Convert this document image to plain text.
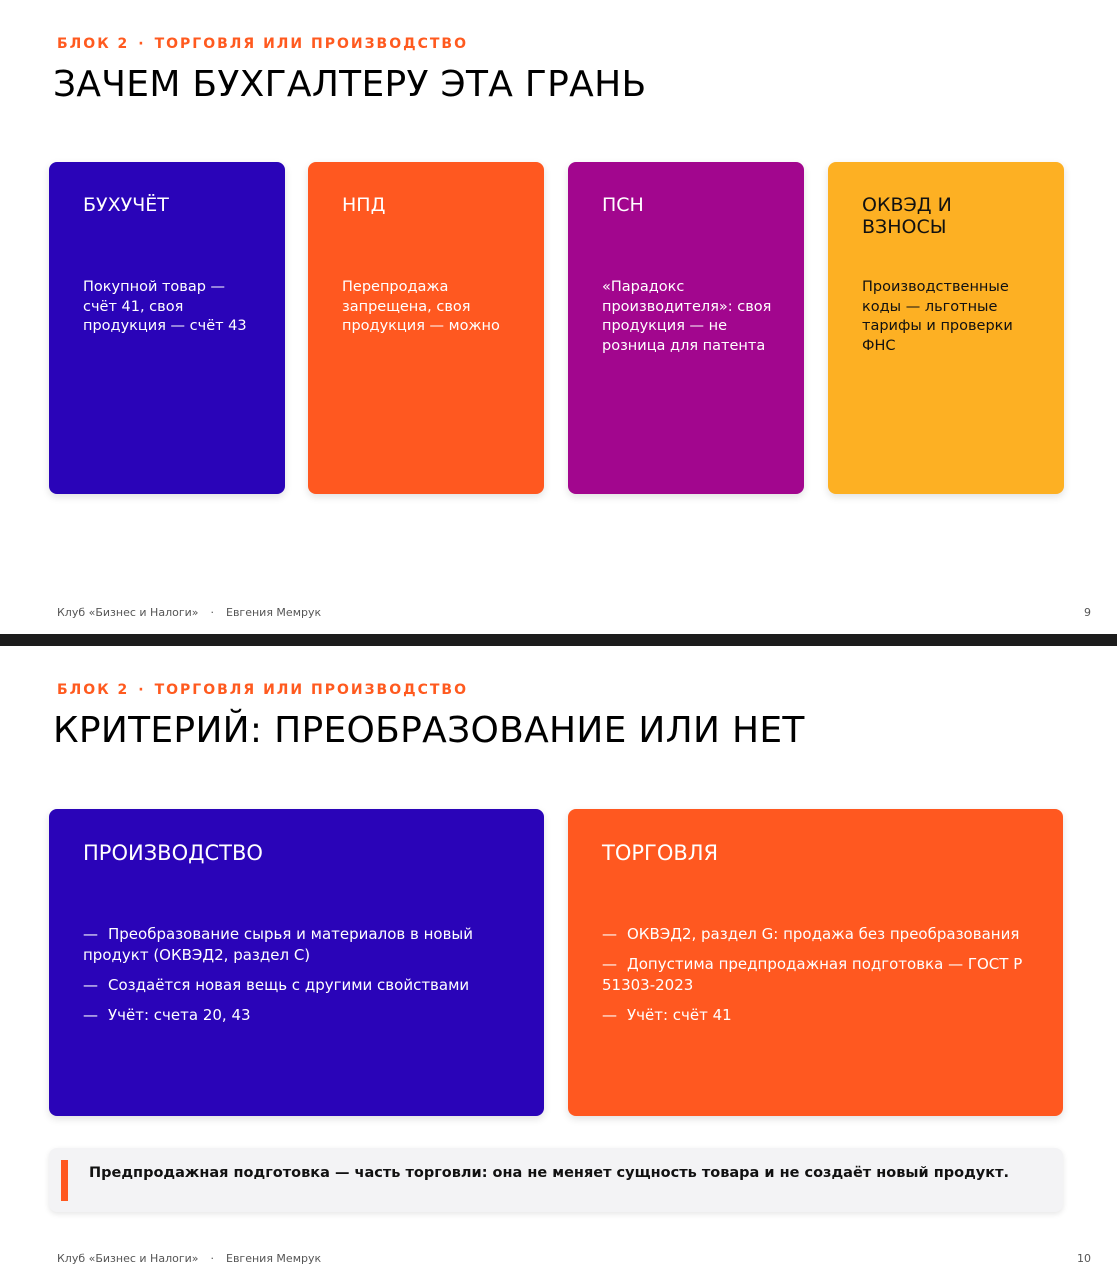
БЛОК 2 · ТОРГОВЛЯ ИЛИ ПРОИЗВОДСТВО
ЗАЧЕМ БУХГАЛТЕРУ ЭТА ГРАНЬ
БУХУЧЁТ
Покупной товар — счёт 41, своя продукция — счёт 43
НПД
Перепродажа запрещена, своя продукция — можно
ПСН
«Парадокс производителя»: своя продукция — не розница для патента
ОКВЭД И ВЗНОСЫ
Производственные коды — льготные тарифы и проверки ФНС
Клуб «Бизнес и Налоги» · Евгения Мемрук	9
БЛОК 2 · ТОРГОВЛЯ ИЛИ ПРОИЗВОДСТВО
КРИТЕРИЙ: ПРЕОБРАЗОВАНИЕ ИЛИ НЕТ
ПРОИЗВОДСТВО
— Преобразование сырья и материалов в новый продукт (ОКВЭД2, раздел C)
— Создаётся новая вещь с другими свойствами
— Учёт: счета 20, 43
ТОРГОВЛЯ
— ОКВЭД2, раздел G: продажа без преобразования
— Допустима предпродажная подготовка — ГОСТ Р 51303-2023
— Учёт: счёт 41
Предпродажная подготовка — часть торговли: она не меняет сущность товара и не создаёт новый продукт.
Клуб «Бизнес и Налоги» · Евгения Мемрук	10
